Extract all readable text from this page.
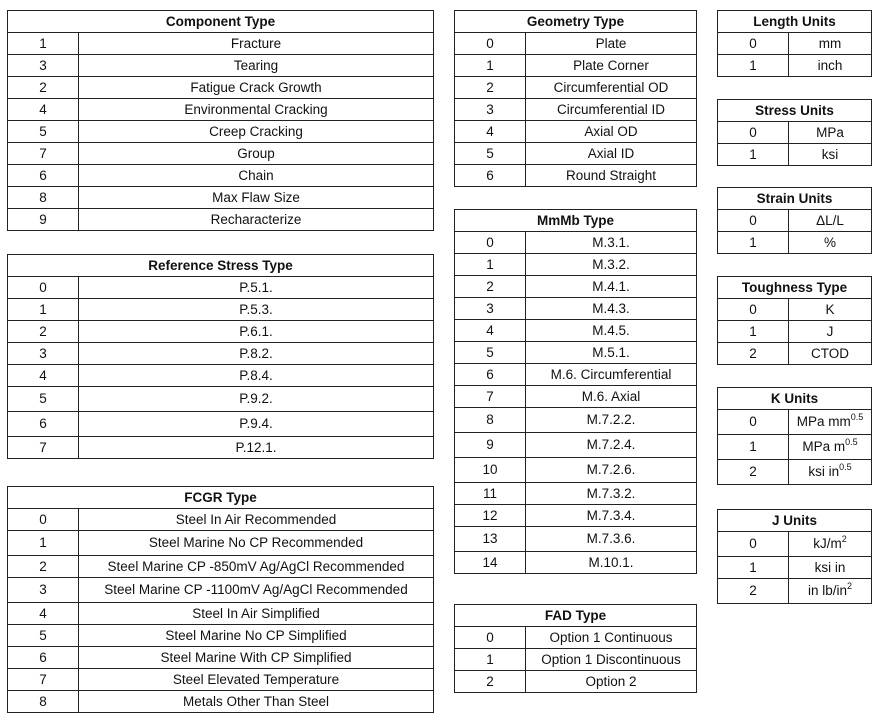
Component Type	
1	Fracture
3	Tearing
2	Fatigue Crack Growth
4	Environmental Cracking
5	Creep Cracking
7	Group
6	Chain
8	Max Flaw Size
9	Recharacterize
Reference Stress Type	
0	P.5.1.
1	P.5.3.
2	P.6.1.
3	P.8.2.
4	P.8.4.
5	P.9.2.
6	P.9.4.
7	P.12.1.
FCGR Type	
0	Steel In Air Recommended
1	Steel Marine No CP Recommended
2	Steel Marine CP -850mV Ag/AgCl Recommended
3	Steel Marine CP -1100mV Ag/AgCl Recommended
4	Steel In Air Simplified
5	Steel Marine No CP Simplified
6	Steel Marine With CP Simplified
7	Steel Elevated Temperature
8	Metals Other Than Steel
Geometry Type	
0	Plate
1	Plate Corner
2	Circumferential OD
3	Circumferential ID
4	Axial OD
5	Axial ID
6	Round Straight
MmMb Type	
0	M.3.1.
1	M.3.2.
2	M.4.1.
3	M.4.3.
4	M.4.5.
5	M.5.1.
6	M.6. Circumferential
7	M.6. Axial
8	M.7.2.2.
9	M.7.2.4.
10	M.7.2.6.
11	M.7.3.2.
12	M.7.3.4.
13	M.7.3.6.
14	M.10.1.
FAD Type	
0	Option 1 Continuous
1	Option 1 Discontinuous
2	Option 2
Length Units	
0	mm
1	inch
Stress Units	
0	MPa
1	ksi
Strain Units	
0	ΔL/L
1	%
Toughness Type	
0	K
1	J
2	CTOD
K Units	
0	MPa $mm^{0.5}$
1	MPa $m^{0.5}$
2	ksi $in^{0.5}$
J Units	
0	$kJ/m^2$
1	ksi in
2	in $lb/in^2$
